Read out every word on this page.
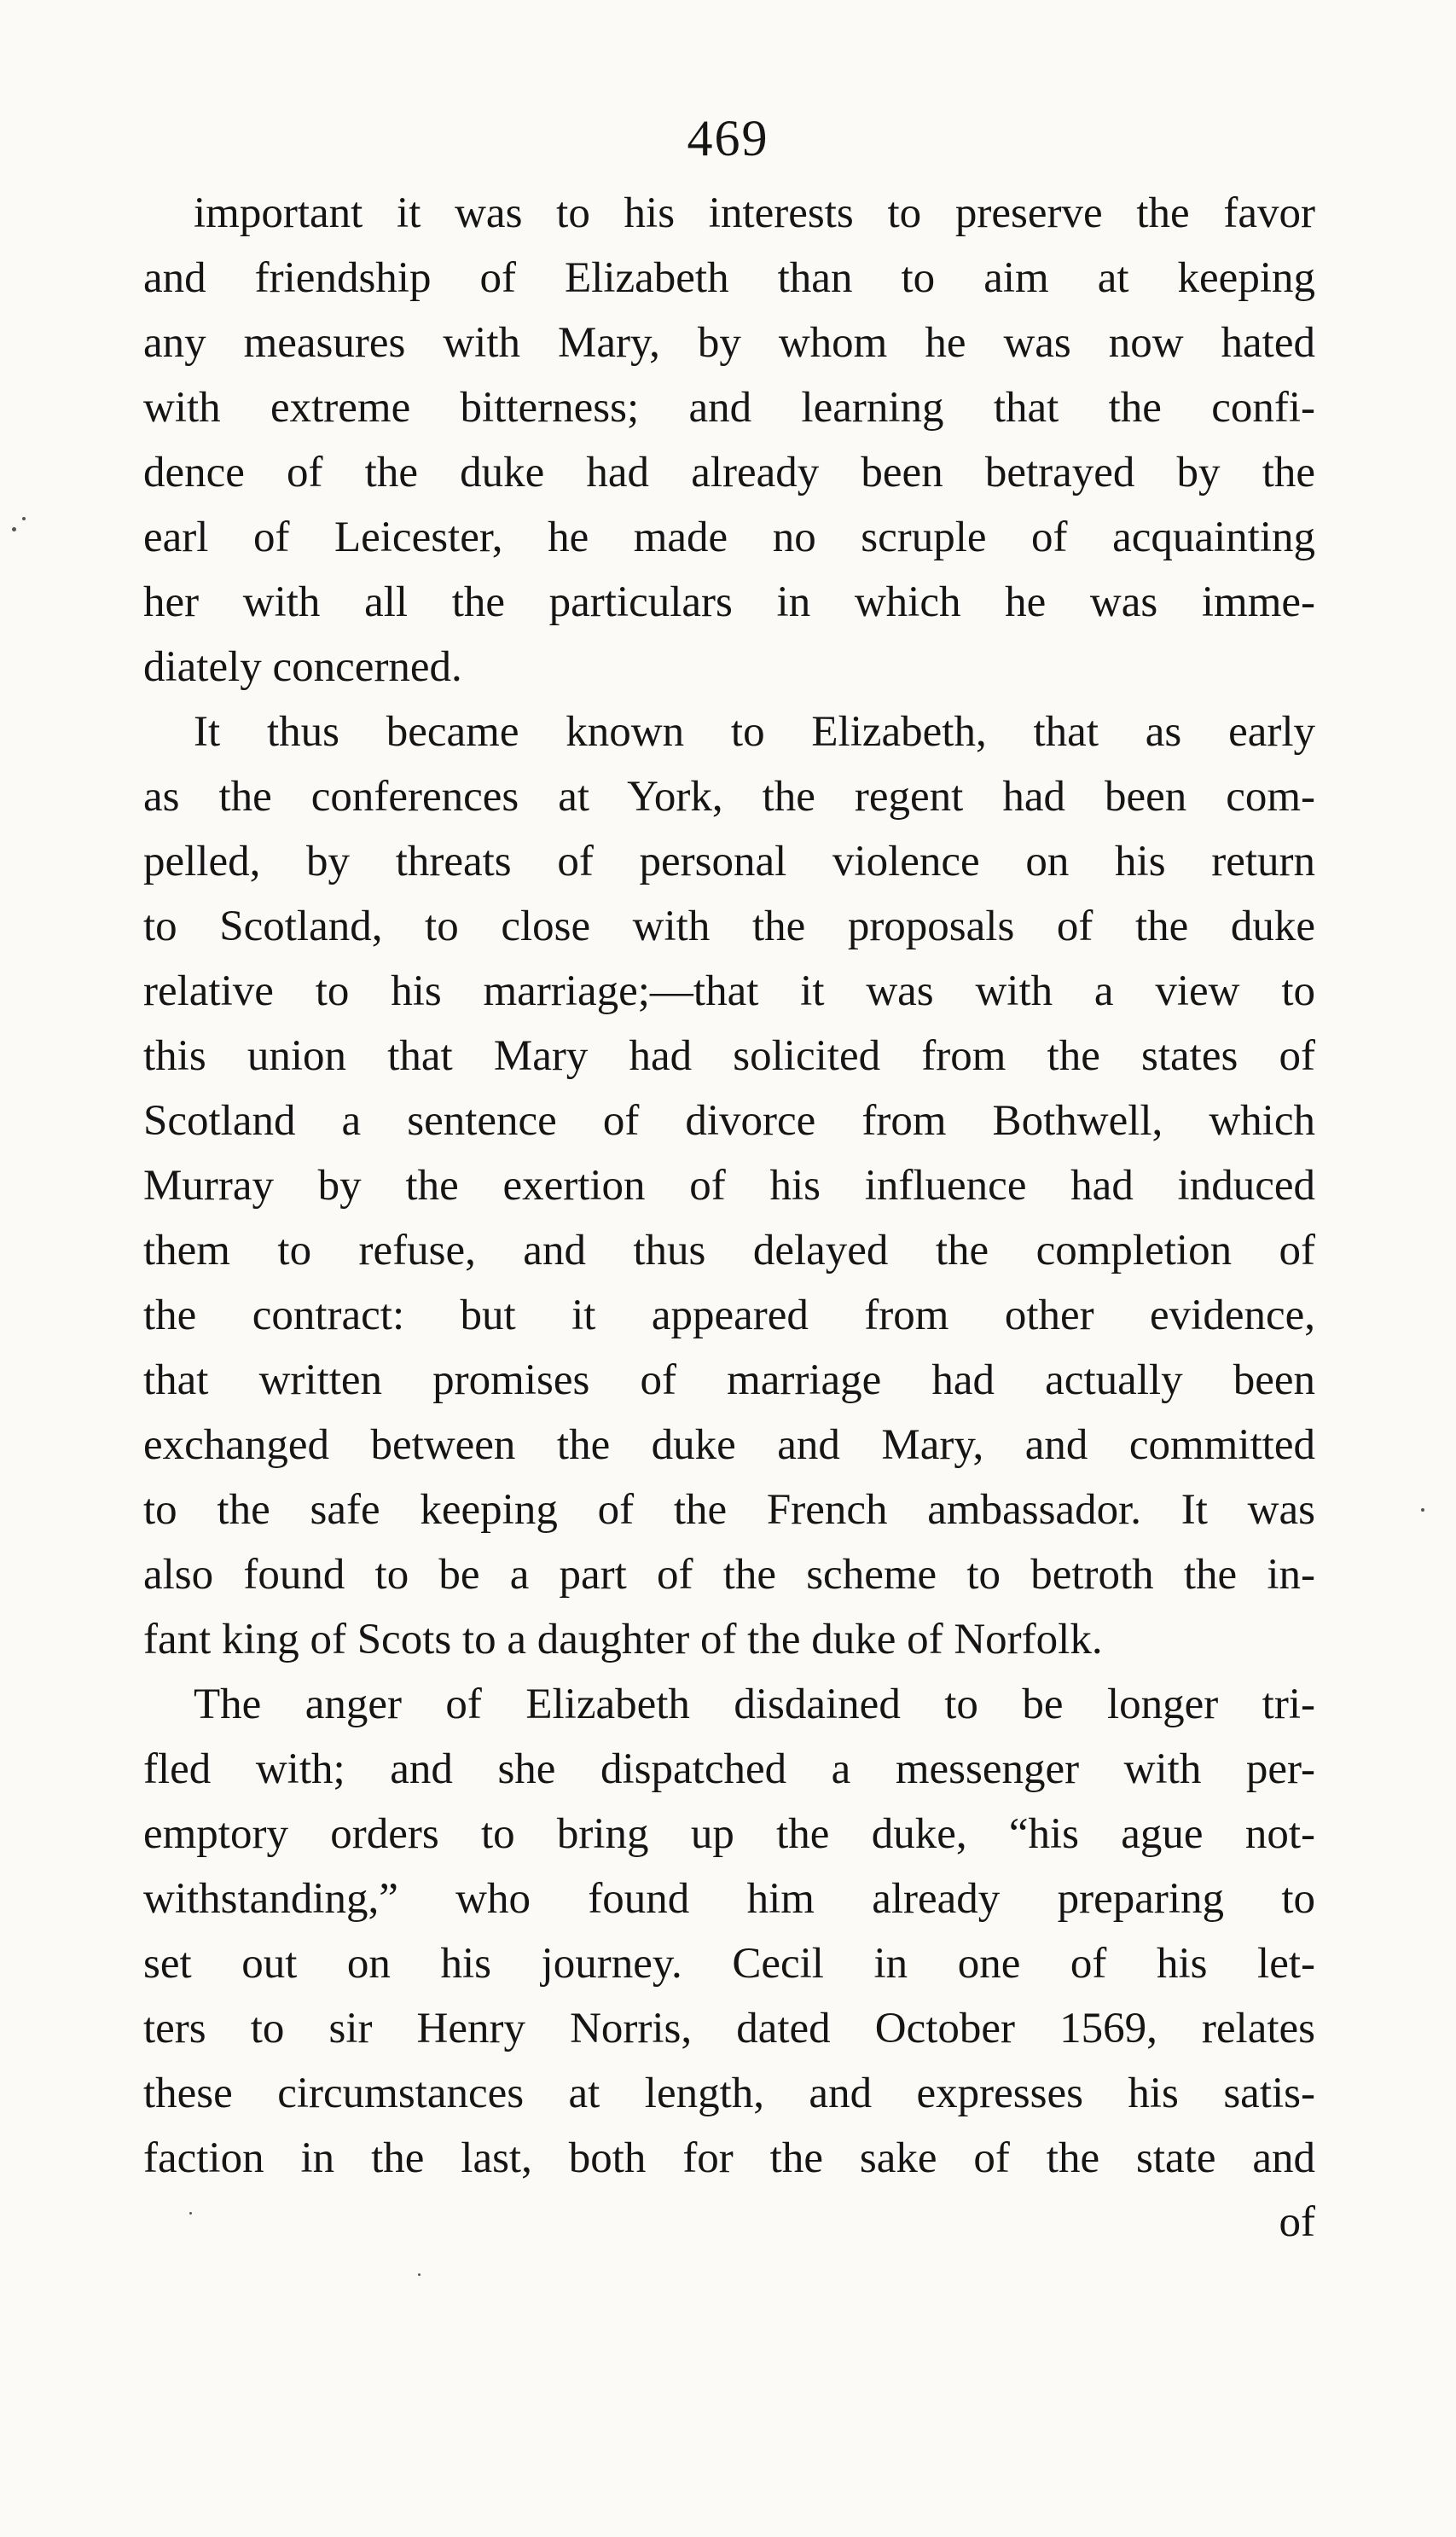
469
important it was to his interests to preserve the favor
and friendship of Elizabeth than to aim at keeping
any measures with Mary, by whom he was now hated
with extreme bitterness; and learning that the confi-
dence of the duke had already been betrayed by the
earl of Leicester, he made no scruple of acquainting
her with all the particulars in which he was imme-
diately concerned.
It thus became known to Elizabeth, that as early
as the conferences at York, the regent had been com-
pelled, by threats of personal violence on his return
to Scotland, to close with the proposals of the duke
relative to his marriage;—that it was with a view to
this union that Mary had solicited from the states of
Scotland a sentence of divorce from Bothwell, which
Murray by the exertion of his influence had induced
them to refuse, and thus delayed the completion of
the contract: but it appeared from other evidence,
that written promises of marriage had actually been
exchanged between the duke and Mary, and committed
to the safe keeping of the French ambassador. It was
also found to be a part of the scheme to betroth the in-
fant king of Scots to a daughter of the duke of Norfolk.
The anger of Elizabeth disdained to be longer tri-
fled with; and she dispatched a messenger with per-
emptory orders to bring up the duke, “his ague not-
withstanding,” who found him already preparing to
set out on his journey. Cecil in one of his let-
ters to sir Henry Norris, dated October 1569, relates
these circumstances at length, and expresses his satis-
faction in the last, both for the sake of the state and
of
